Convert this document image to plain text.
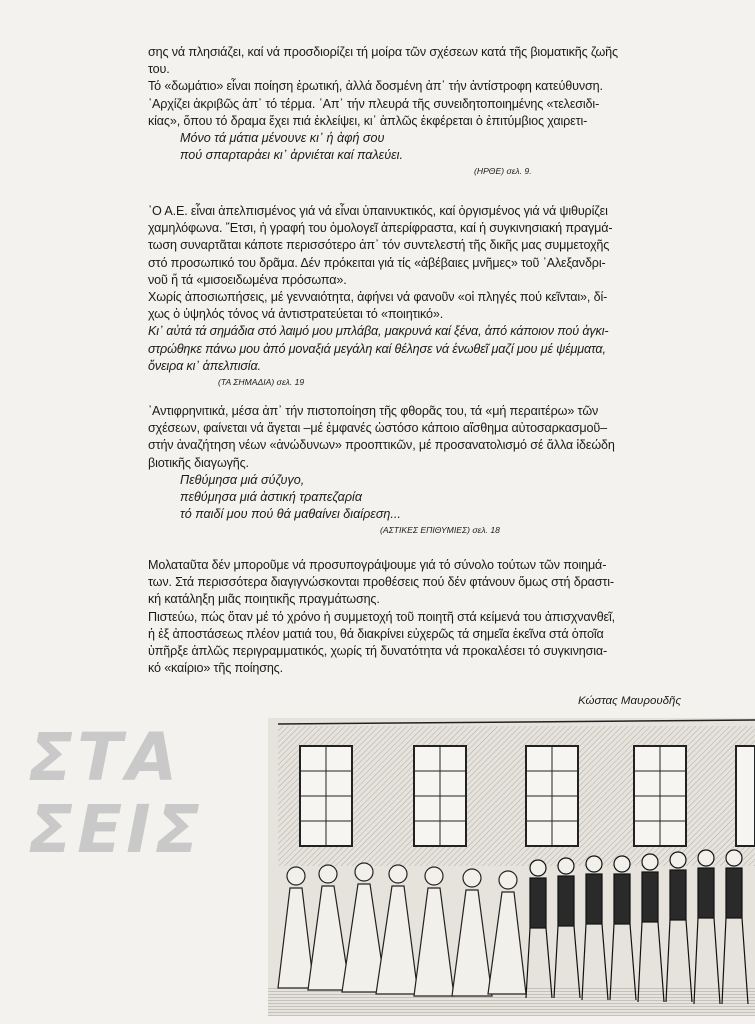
σης νά πλησιάζει, καί νά προσδιορίζει τή μοίρα τῶν σχέσεων κατά τῆς βιοματικῆς ζωῆς
του.
Τό «δωμάτιο» εἶναι ποίηση ἐρωτική, ἀλλά δοσμένη ἀπ᾽ τήν ἀντίστροφη κατεύθυνση.
᾽Αρχίζει ἀκριβῶς ἀπ᾽ τό τέρμα. ᾽Απ᾽ τήν πλευρά τῆς συνειδητοποιημένης «τελεσιδι-
κίας», ὅπου τό δραμα ἔχει πιά ἐκλείψει, κι᾽ ἁπλῶς ἐκφέρεται ὁ ἐπιτύμβιος χαιρετι-

Μόνο τά μάτια μένουνε κι᾽ ἡ ἀφή σου
πού σπαρταρἀει κι᾽ ἀρνιέται καί παλεύει.
(ΗΡΘΕ) σελ. 9.

᾽Ο Α.Ε. εἶναι ἀπελπισμένος γιά νά εἶναι ὑπαινυκτικός, καί ὀργισμένος γιά νά ψιθυρίζει
χαμηλόφωνα. ῎Ετσι, ἡ γραφή του ὁμολογεῖ ἀπερίφραστα, καί ἡ συγκινησιακή πραγμά-
τωση συναρτᾶται κάποτε περισσότερο ἀπ᾽ τόν συντελεστή τῆς δικῆς μας συμμετοχῆς
στό προσωπικό του δρᾶμα. Δέν πρόκειται γιά τίς «ἀβέβαιες μνῆμες» τοῦ ᾽Αλεξανδρι-
νοῦ ἤ τά «μισοειδωμένα πρόσωπα».
Χωρίς ἀποσιωπήσεις, μέ γενναιότητα, ἀφήνει νά φανοῦν «οἱ πληγές πού κεῖνται», δί-
χως ὁ ὑψηλός τόνος νά ἀντιστρατεύεται τό «ποιητικό».

Κι᾽ αὐτά τά σημάδια στό λαιμό μου μπλάβα, μακρυνά καί ξένα, ἀπό κάποιον πού ἀγκι-
στρώθηκε πάνω μου ἀπό μοναξιά μεγάλη καί θέλησε νά ἑνωθεῖ μαζί μου μέ ψέμματα,
ὄνειρα κι᾽ ἀπελπισία.
(ΤΑ ΣΗΜΑΔΙΑ) σελ. 19

᾽Αντιφρηνιτικά, μέσα ἀπ᾽ τήν πιστοποίηση τῆς φθορᾶς του, τά «μή περαιτέρω» τῶν
σχέσεων, φαίνεται νά ἄγεται –μέ ἐμφανές ὡστόσο κάποιο αἴσθημα αὐτοσαρκασμοῦ–
στήν ἀναζήτηση νέων «ἀνώδυνων» προοπτικῶν, μέ προσανατολισμό σέ ἄλλα ἰδεώδη
βιοτικῆς διαγωγῆς.

Πεθύμησα μιά σύζυγο,
πεθύμησα μιά ἀστική τραπεζαρία
τό παιδί μου πού θά μαθαίνει διαίρεση...
(ΑΣΤΙΚΕΣ ΕΠΙΘΥΜΙΕΣ) σελ. 18

Μολαταῦτα δέν μποροῦμε νά προσυπογράψουμε γιά τό σύνολο τούτων τῶν ποιημά-
των. Στά περισσότερα διαγιγνώσκονται προθέσεις πού δέν φτάνουν ὅμως στή δραστι-
κή κατάληξη μιᾶς ποιητικῆς πραγμάτωσης.
Πιστεύω, πώς ὅταν μέ τό χρόνο ἡ συμμετοχή τοῦ ποιητῆ στά κείμενά του ἀπισχνανθεῖ,
ἡ ἐξ ἀποστάσεως πλέον ματιά του, θά διακρίνει εὐχερῶς τά σημεῖα ἐκεῖνα στά ὁποῖα
ὑπῆρξε ἁπλῶς περιγραμματικός, χωρίς τή δυνατότητα νά προκαλέσει τό συγκινησια-
κό «καίριο» τῆς ποίησης.

Κώστας Μαυρουδῆς
ΣΤΑ
ΣΕΙΣ
